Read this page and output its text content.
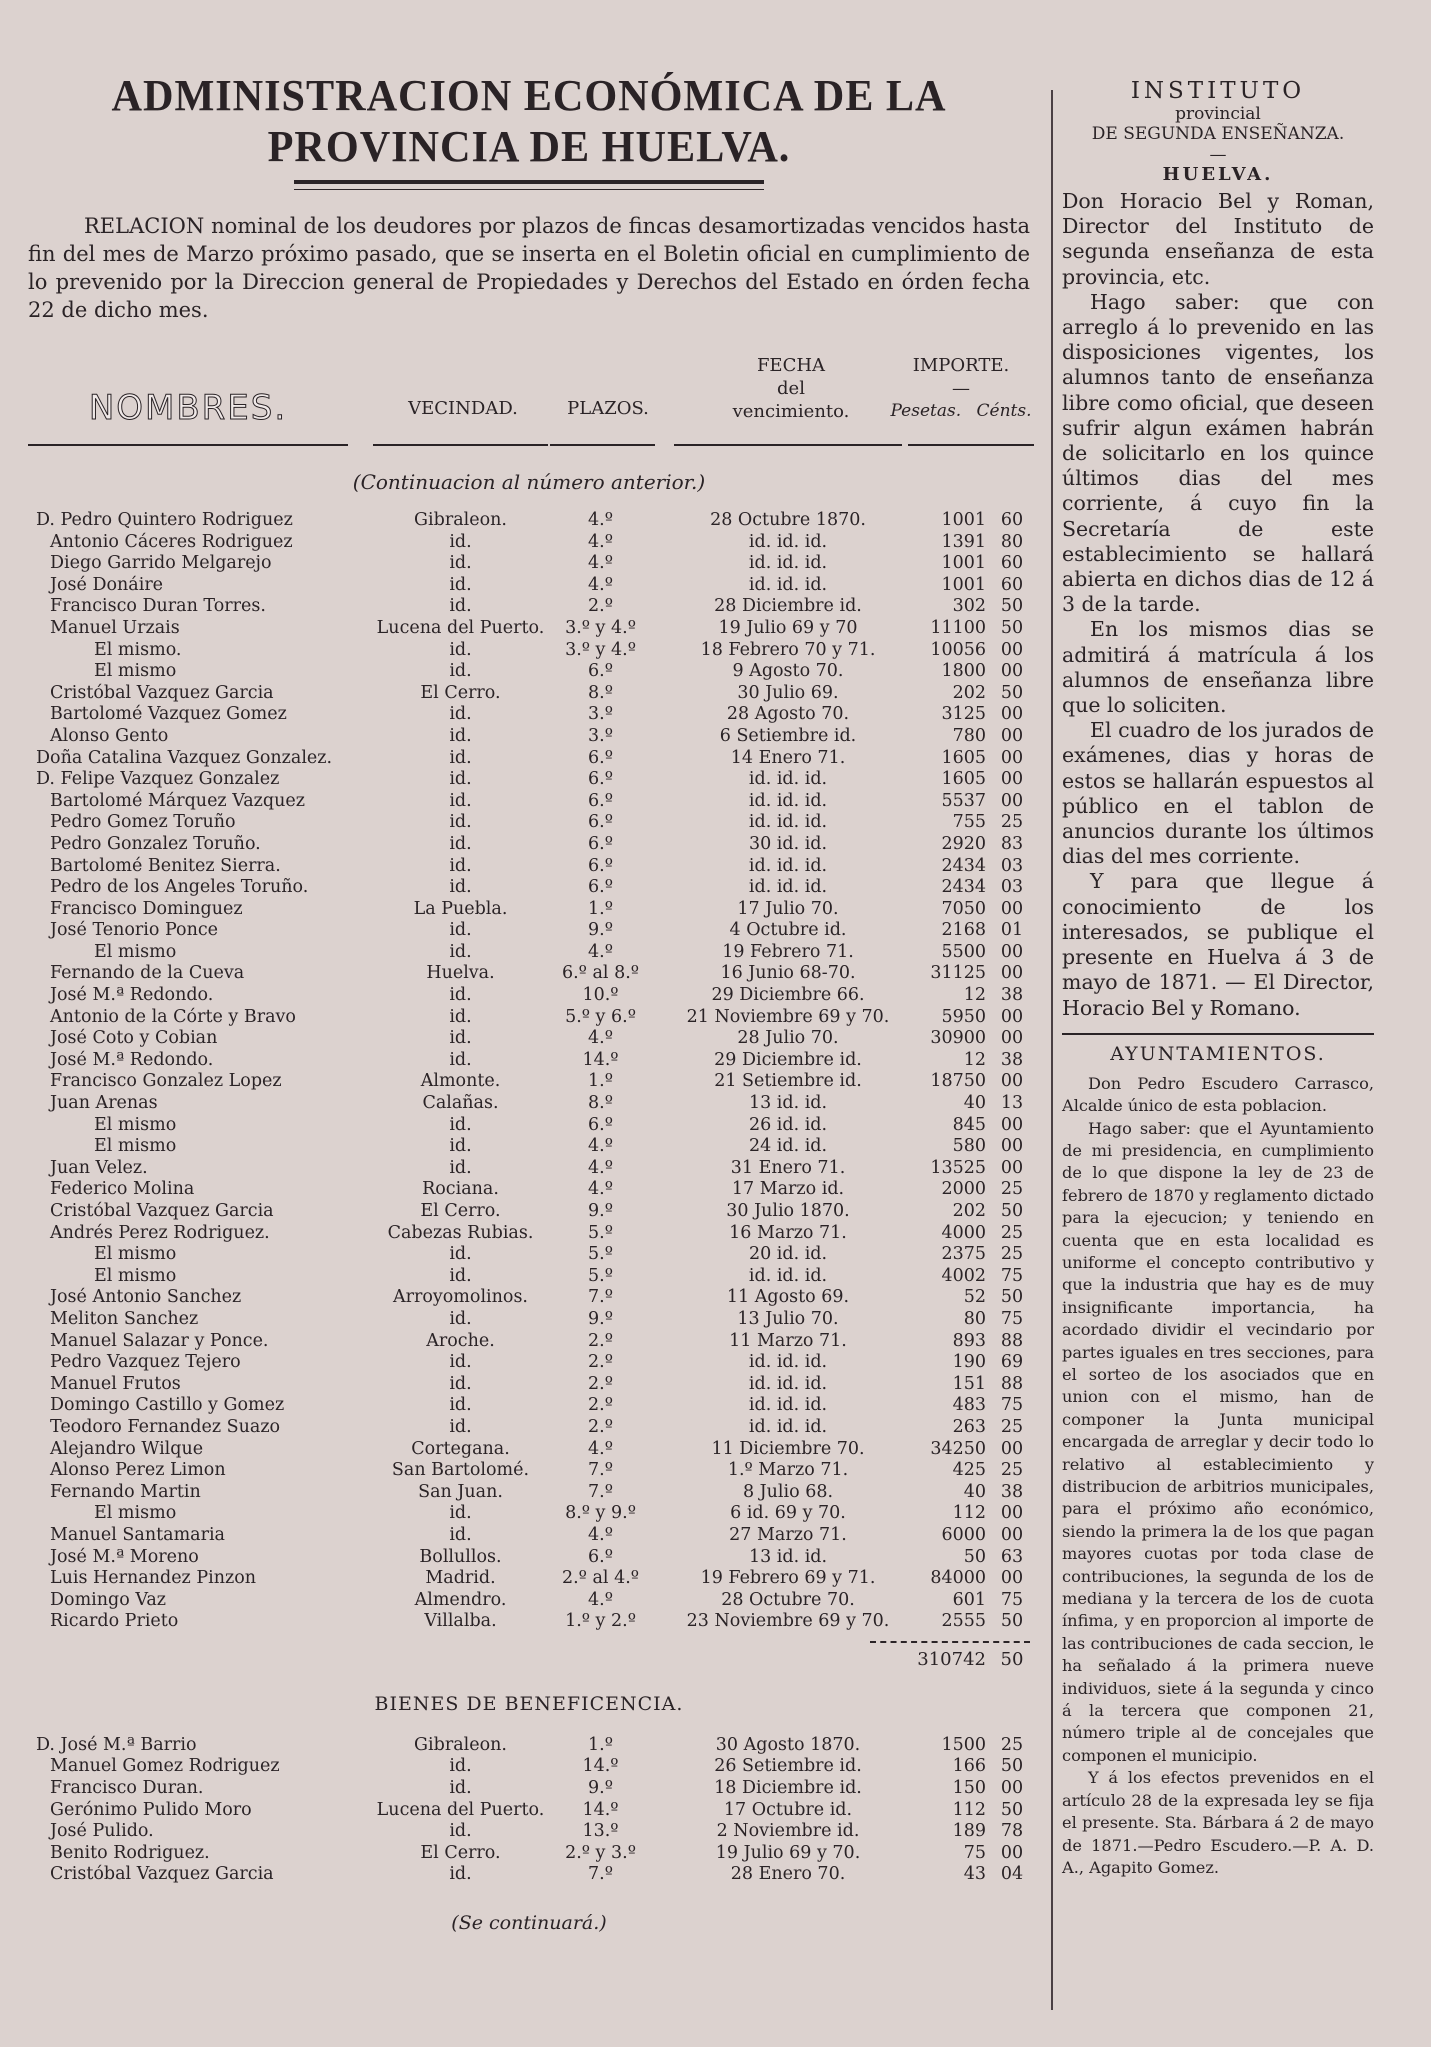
ADMINISTRACION ECONÓMICA DE LA PROVINCIA DE HUELVA.

RELACION nominal de los deudores por plazos de fincas desamortizadas vencidos hasta fin del mes de Marzo próximo pasado, que se inserta en el Boletin oficial en cumplimiento de lo prevenido por la Direccion general de Propiedades y Derechos del Estado en órden fecha 22 de dicho mes.

NOMBRES.	VECINDAD.	PLAZOS.
FECHA
del
vencimiento.
IMPORTE.
—
Pesetas. Cénts.
(Continuacion al número anterior.)
D. Pedro Quintero Rodriguez	Gibraleon.	4.º	28 Octubre 1870.	1001 60
Antonio Cáceres Rodriguez	id.	4.º	id. id. id.	1391 80
Diego Garrido Melgarejo	id.	4.º	id. id. id.	1001 60
José Donáire	id.	4.º	id. id. id.	1001 60
Francisco Duran Torres.	id.	2.º	28 Diciembre id.	302 50
Manuel Urzais	Lucena del Puerto.	3.º y 4.º	19 Julio 69 y 70	11100 50
El mismo.	id.	3.º y 4.º	18 Febrero 70 y 71.	10056 00
El mismo	id.	6.º	9 Agosto 70.	1800 00
Cristóbal Vazquez Garcia	El Cerro.	8.º	30 Julio 69.	202 50
Bartolomé Vazquez Gomez	id.	3.º	28 Agosto 70.	3125 00
Alonso Gento	id.	3.º	6 Setiembre id.	780 00
Doña Catalina Vazquez Gonzalez.	id.	6.º	14 Enero 71.	1605 00
D. Felipe Vazquez Gonzalez	id.	6.º	id. id. id.	1605 00
Bartolomé Márquez Vazquez	id.	6.º	id. id. id.	5537 00
Pedro Gomez Toruño	id.	6.º	id. id. id.	755 25
Pedro Gonzalez Toruño.	id.	6.º	30 id. id.	2920 83
Bartolomé Benitez Sierra.	id.	6.º	id. id. id.	2434 03
Pedro de los Angeles Toruño.	id.	6.º	id. id. id.	2434 03
Francisco Dominguez	La Puebla.	1.º	17 Julio 70.	7050 00
José Tenorio Ponce	id.	9.º	4 Octubre id.	2168 01
El mismo	id.	4.º	19 Febrero 71.	5500 00
Fernando de la Cueva	Huelva.	6.º al 8.º	16 Junio 68-70.	31125 00
José M.ª Redondo.	id.	10.º	29 Diciembre 66.	12 38
Antonio de la Córte y Bravo	id.	5.º y 6.º	21 Noviembre 69 y 70.	5950 00
José Coto y Cobian	id.	4.º	28 Julio 70.	30900 00
José M.ª Redondo.	id.	14.º	29 Diciembre id.	12 38
Francisco Gonzalez Lopez	Almonte.	1.º	21 Setiembre id.	18750 00
Juan Arenas	Calañas.	8.º	13 id. id.	40 13
El mismo	id.	6.º	26 id. id.	845 00
El mismo	id.	4.º	24 id. id.	580 00
Juan Velez.	id.	4.º	31 Enero 71.	13525 00
Federico Molina	Rociana.	4.º	17 Marzo id.	2000 25
Cristóbal Vazquez Garcia	El Cerro.	9.º	30 Julio 1870.	202 50
Andrés Perez Rodriguez.	Cabezas Rubias.	5.º	16 Marzo 71.	4000 25
El mismo	id.	5.º	20 id. id.	2375 25
El mismo	id.	5.º	id. id. id.	4002 75
José Antonio Sanchez	Arroyomolinos.	7.º	11 Agosto 69.	52 50
Meliton Sanchez	id.	9.º	13 Julio 70.	80 75
Manuel Salazar y Ponce.	Aroche.	2.º	11 Marzo 71.	893 88
Pedro Vazquez Tejero	id.	2.º	id. id. id.	190 69
Manuel Frutos	id.	2.º	id. id. id.	151 88
Domingo Castillo y Gomez	id.	2.º	id. id. id.	483 75
Teodoro Fernandez Suazo	id.	2.º	id. id. id.	263 25
Alejandro Wilque	Cortegana.	4.º	11 Diciembre 70.	34250 00
Alonso Perez Limon	San Bartolomé.	7.º	1.º Marzo 71.	425 25
Fernando Martin	San Juan.	7.º	8 Julio 68.	40 38
El mismo	id.	8.º y 9.º	6 id. 69 y 70.	112 00
Manuel Santamaria	id.	4.º	27 Marzo 71.	6000 00
José M.ª Moreno	Bollullos.	6.º	13 id. id.	50 63
Luis Hernandez Pinzon	Madrid.	2.º al 4.º	19 Febrero 69 y 71.	84000 00
Domingo Vaz	Almendro.	4.º	28 Octubre 70.	601 75
Ricardo Prieto	Villalba.	1.º y 2.º	23 Noviembre 69 y 70.	2555 50
310742 50
BIENES DE BENEFICENCIA.
D. José M.ª Barrio	Gibraleon.	1.º	30 Agosto 1870.	1500 25
Manuel Gomez Rodriguez	id.	14.º	26 Setiembre id.	166 50
Francisco Duran.	id.	9.º	18 Diciembre id.	150 00
Gerónimo Pulido Moro	Lucena del Puerto.	14.º	17 Octubre id.	112 50
José Pulido.	id.	13.º	2 Noviembre id.	189 78
Benito Rodriguez.	El Cerro.	2.º y 3.º	19 Julio 69 y 70.	75 00
Cristóbal Vazquez Garcia	id.	7.º	28 Enero 70.	43 04
(Se continuará.)
INSTITUTO
provincial
DE SEGUNDA ENSEÑANZA.
—
HUELVA.

Don Horacio Bel y Roman, Director del Instituto de segunda enseñanza de esta provincia, etc.

Hago saber: que con arreglo á lo prevenido en las disposiciones vigentes, los alumnos tanto de enseñanza libre como oficial, que deseen sufrir algun exámen habrán de solicitarlo en los quince últimos dias del mes corriente, á cuyo fin la Secretaría de este establecimiento se hallará abierta en dichos dias de 12 á 3 de la tarde.

En los mismos dias se admitirá á matrícula á los alumnos de enseñanza libre que lo soliciten.

El cuadro de los jurados de exámenes, dias y horas de estos se hallarán espuestos al público en el tablon de anuncios durante los últimos dias del mes corriente.

Y para que llegue á conocimiento de los interesados, se publique el presente en Huelva á 3 de mayo de 1871. — El Director, Horacio Bel y Romano.

AYUNTAMIENTOS.

Don Pedro Escudero Carrasco, Alcalde único de esta poblacion.

Hago saber: que el Ayuntamiento de mi presidencia, en cumplimiento de lo que dispone la ley de 23 de febrero de 1870 y reglamento dictado para la ejecucion; y teniendo en cuenta que en esta localidad es uniforme el concepto contributivo y que la industria que hay es de muy insignificante importancia, ha acordado dividir el vecindario por partes iguales en tres secciones, para el sorteo de los asociados que en union con el mismo, han de componer la Junta municipal encargada de arreglar y decir todo lo relativo al establecimiento y distribucion de arbitrios municipales, para el próximo año económico, siendo la primera la de los que pagan mayores cuotas por toda clase de contribuciones, la segunda de los de mediana y la tercera de los de cuota ínfima, y en proporcion al importe de las contribuciones de cada seccion, le ha señalado á la primera nueve individuos, siete á la segunda y cinco á la tercera que componen 21, número triple al de concejales que componen el municipio.

Y á los efectos prevenidos en el artículo 28 de la expresada ley se fija el presente. Sta. Bárbara á 2 de mayo de 1871.—Pedro Escudero.—P. A. D. A., Agapito Gomez.
